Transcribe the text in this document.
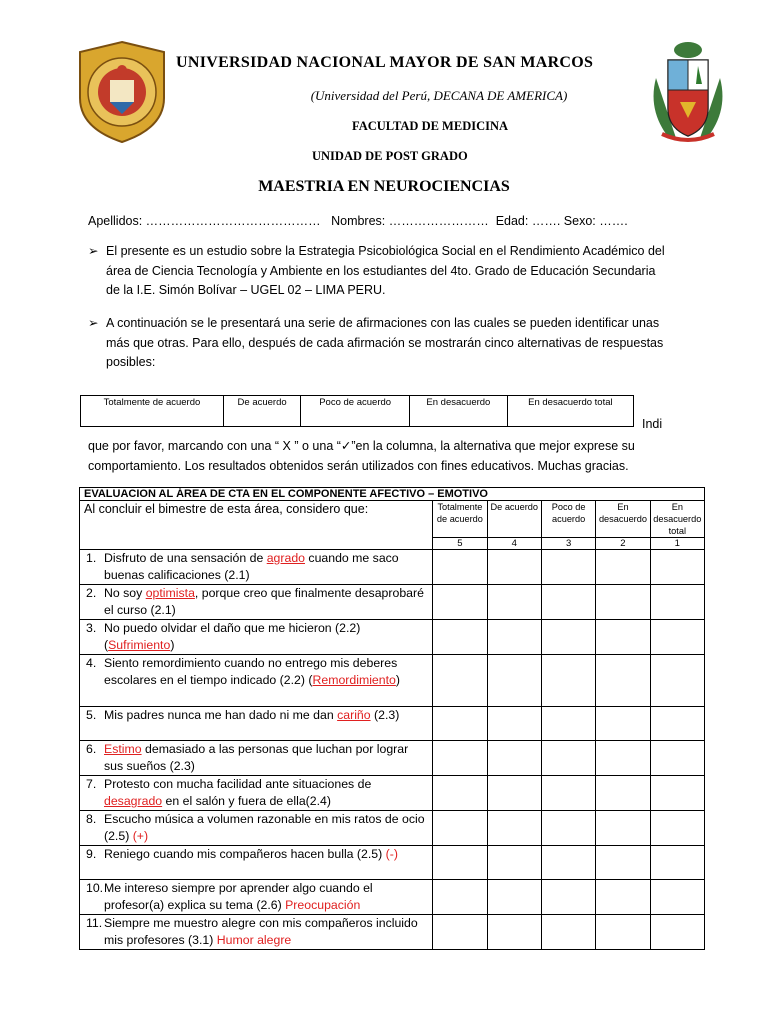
UNIVERSIDAD NACIONAL MAYOR DE SAN MARCOS
(Universidad del Perú, DECANA DE AMERICA)
FACULTAD DE MEDICINA
UNIDAD DE POST GRADO
MAESTRIA EN NEUROCIENCIAS
Apellidos: ……………………………………   Nombres: ……………………  Edad: ……. Sexo: …….
➢ El presente es un estudio sobre la Estrategia Psicobiológica Social en el Rendimiento Académico del área de Ciencia Tecnología y Ambiente en los estudiantes del 4to. Grado de Educación Secundaria de la I.E. Simón Bolívar – UGEL 02 – LIMA PERU.
➢ A continuación se le presentará una serie de afirmaciones con las cuales se pueden identificar unas más que otras. Para ello, después de cada afirmación se mostrarán cinco alternativas de respuestas posibles:
Totalmente de acuerdo	De acuerdo	Poco de acuerdo	En desacuerdo	En desacuerdo total
Indi
que por favor, marcando con una “ X ” o una “✓”en la columna, la alternativa que mejor exprese su comportamiento. Los resultados obtenidos serán utilizados con fines educativos. Muchas gracias.
EVALUACION AL ÁREA DE CTA EN EL COMPONENTE AFECTIVO – EMOTIVO					
Al concluir el bimestre de esta área, considero que:	Totalmente de acuerdo	De acuerdo	Poco de acuerdo	En desacuerdo	En desacuerdo total
	5	4	3	2	1

1. Disfruto de una sensación de agrado cuando me saco buenas calificaciones (2.1)					

2. No soy optimista, porque creo que finalmente desaprobaré el curso (2.1)					

3. No puedo olvidar el daño que me hicieron (2.2) (Sufrimiento)					

4. Siento remordimiento cuando no entrego mis deberes escolares en el tiempo indicado (2.2) (Remordimiento)					

5. Mis padres nunca me han dado ni me dan cariño (2.3)					

6. Estimo demasiado a las personas que luchan por lograr sus sueños (2.3)					

7. Protesto con mucha facilidad ante situaciones de desagrado en el salón y fuera de ella(2.4)					

8. Escucho música a volumen razonable en mis ratos de ocio (2.5) (+)					

9. Reniego cuando mis compañeros hacen bulla (2.5) (-)					

10. Me intereso siempre por aprender algo cuando el profesor(a) explica su tema (2.6) Preocupación					

11. Siempre me muestro alegre con mis compañeros incluido mis profesores (3.1) Humor alegre					
